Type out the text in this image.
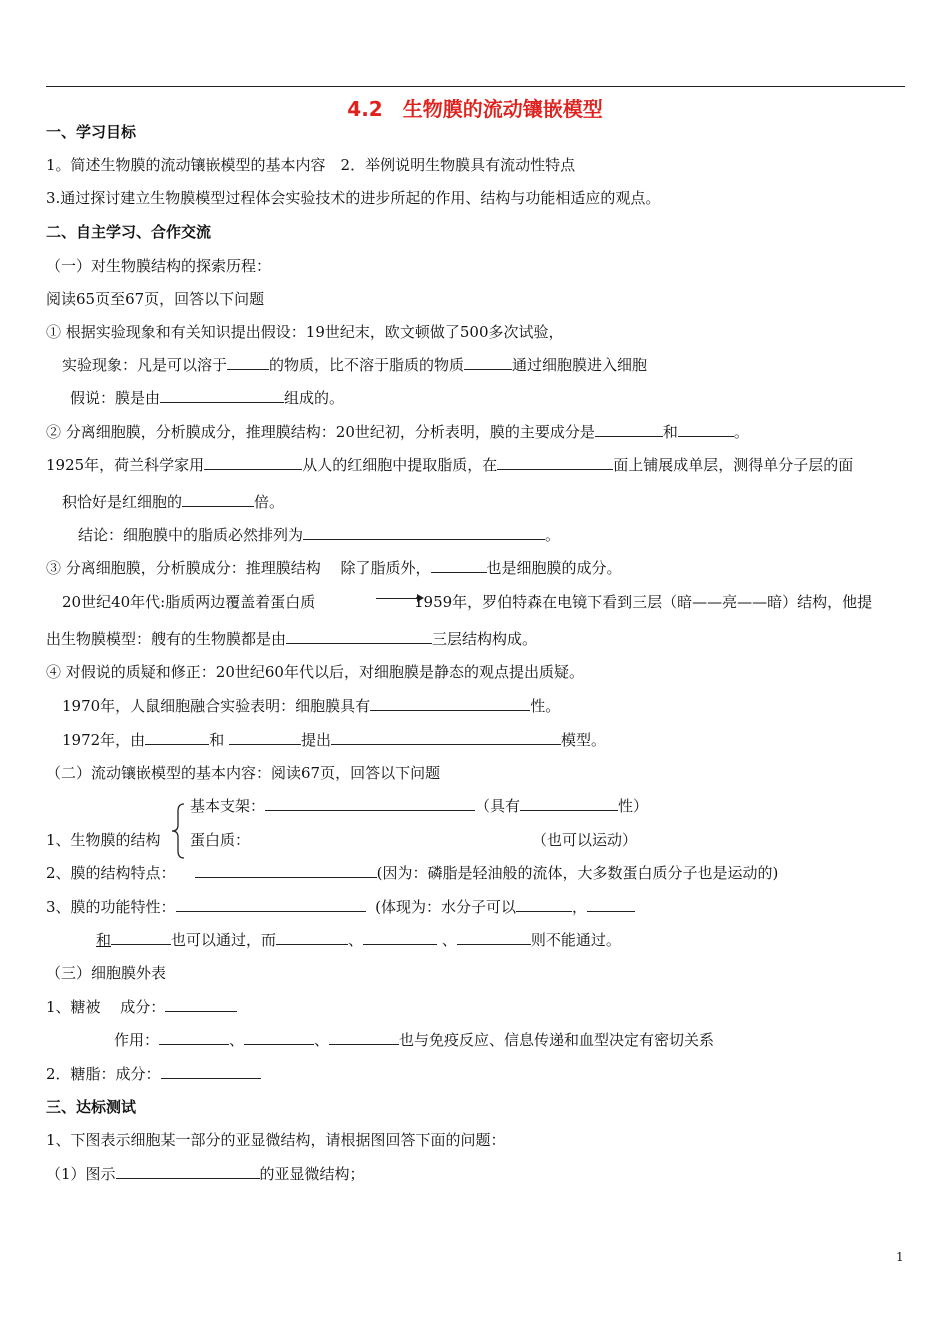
4.2　生物膜的流动镶嵌模型
一、学习目标
1。简述生物膜的流动镶嵌模型的基本内容　2．举例说明生物膜具有流动性特点
3.通过探讨建立生物膜模型过程体会实验技术的进步所起的作用、结构与功能相适应的观点。
二、自主学习、合作交流
（一）对生物膜结构的探索历程：
阅读65页至67页，回答以下问题
① 根据实验现象和有关知识提出假设：19世纪末，欧文顿做了500多次试验，
实验现象：凡是可以溶于	的物质，比不溶于脂质的物质	通过细胞膜进入细胞
假说：膜是由	组成的。
② 分离细胞膜，分析膜成分，推理膜结构：20世纪初，分析表明，膜的主要成分是	和	。
1925年，荷兰科学家用	从人的红细胞中提取脂质，在	面上铺展成单层，测得单分子层的面
积恰好是红细胞的	倍。
结论：细胞膜中的脂质必然排列为	。
③ 分离细胞膜，分析膜成分：推理膜结构　 除了脂质外，	也是细胞膜的成分。
20世纪40年代:脂质两边覆盖着蛋白质	1959年，罗伯特森在电镜下看到三层（暗——亮——暗）结构，他提
出生物膜模型：艘有的生物膜都是由	三层结构构成。
④ 对假说的质疑和修正：20世纪60年代以后，对细胞膜是静态的观点提出质疑。
1970年，人鼠细胞融合实验表明：细胞膜具有	性。
1972年，由	和	提出	模型。
（二）流动镶嵌模型的基本内容：阅读67页，回答以下问题
基本支架：	（具有	性）
1、生物膜的结构 蛋白质：	（也可以运动）
2、膜的结构特点：	(因为：磷脂是轻油般的流体，大多数蛋白质分子也是运动的)
3、膜的功能特性：	(体现为：水分子可以	，
和	也可以通过，而	、	、	则不能通过。
（三）细胞膜外表
1、糖被　 成分：
作用：	、	、	也与免疫反应、信息传递和血型决定有密切关系
2．糖脂：成分：
三、达标测试
1、下图表示细胞某一部分的亚显微结构，请根据图回答下面的问题：
（1）图示	的亚显微结构；
1
